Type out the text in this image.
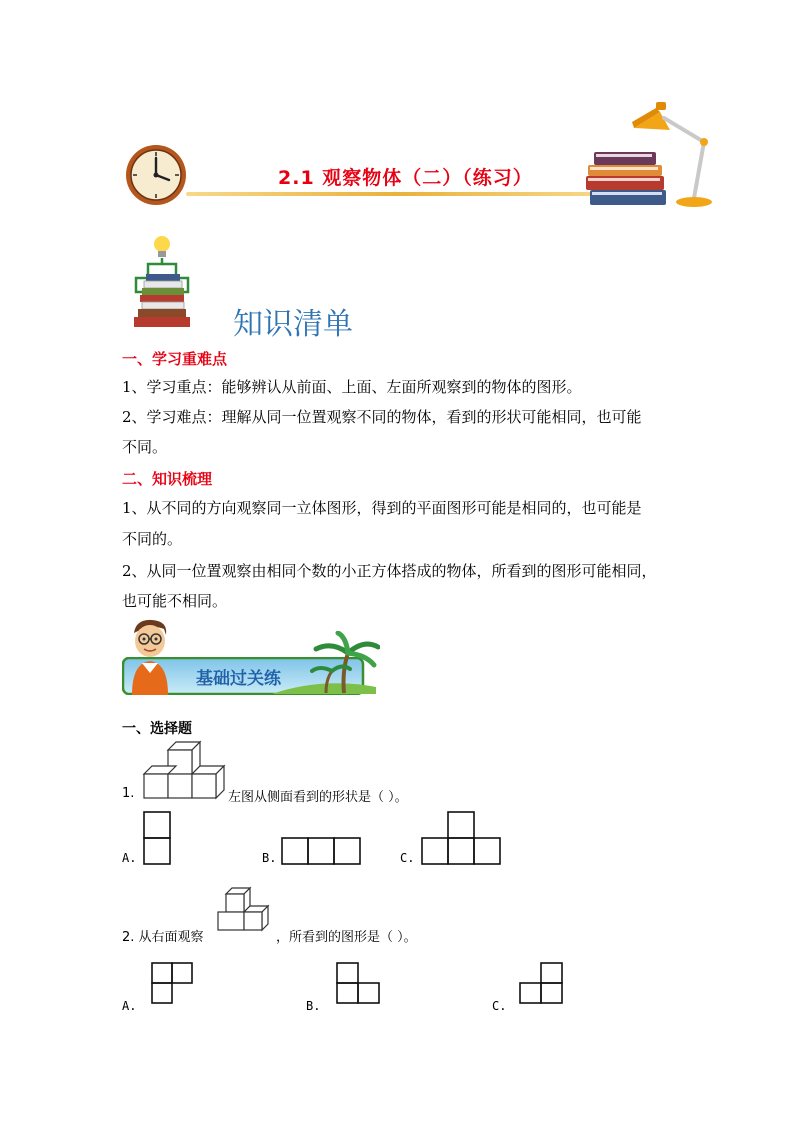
2.1 观察物体（二）（练习）
知识清单
一、学习重难点
1、学习重点：能够辨认从前面、上面、左面所观察到的物体的图形。
2、学习难点：理解从同一位置观察不同的物体，看到的形状可能相同，也可能
不同。
二、知识梳理
1、从不同的方向观察同一立体图形，得到的平面图形可能是相同的，也可能是
不同的。
2、从同一位置观察由相同个数的小正方体搭成的物体，所看到的图形可能相同，
也可能不相同。
基础过关练
一、选择题
1.	左图从侧面看到的形状是（ ）。
A.	B.	C.
2. 从右面观察	，所看到的图形是（ ）。
A.	B.	C.
